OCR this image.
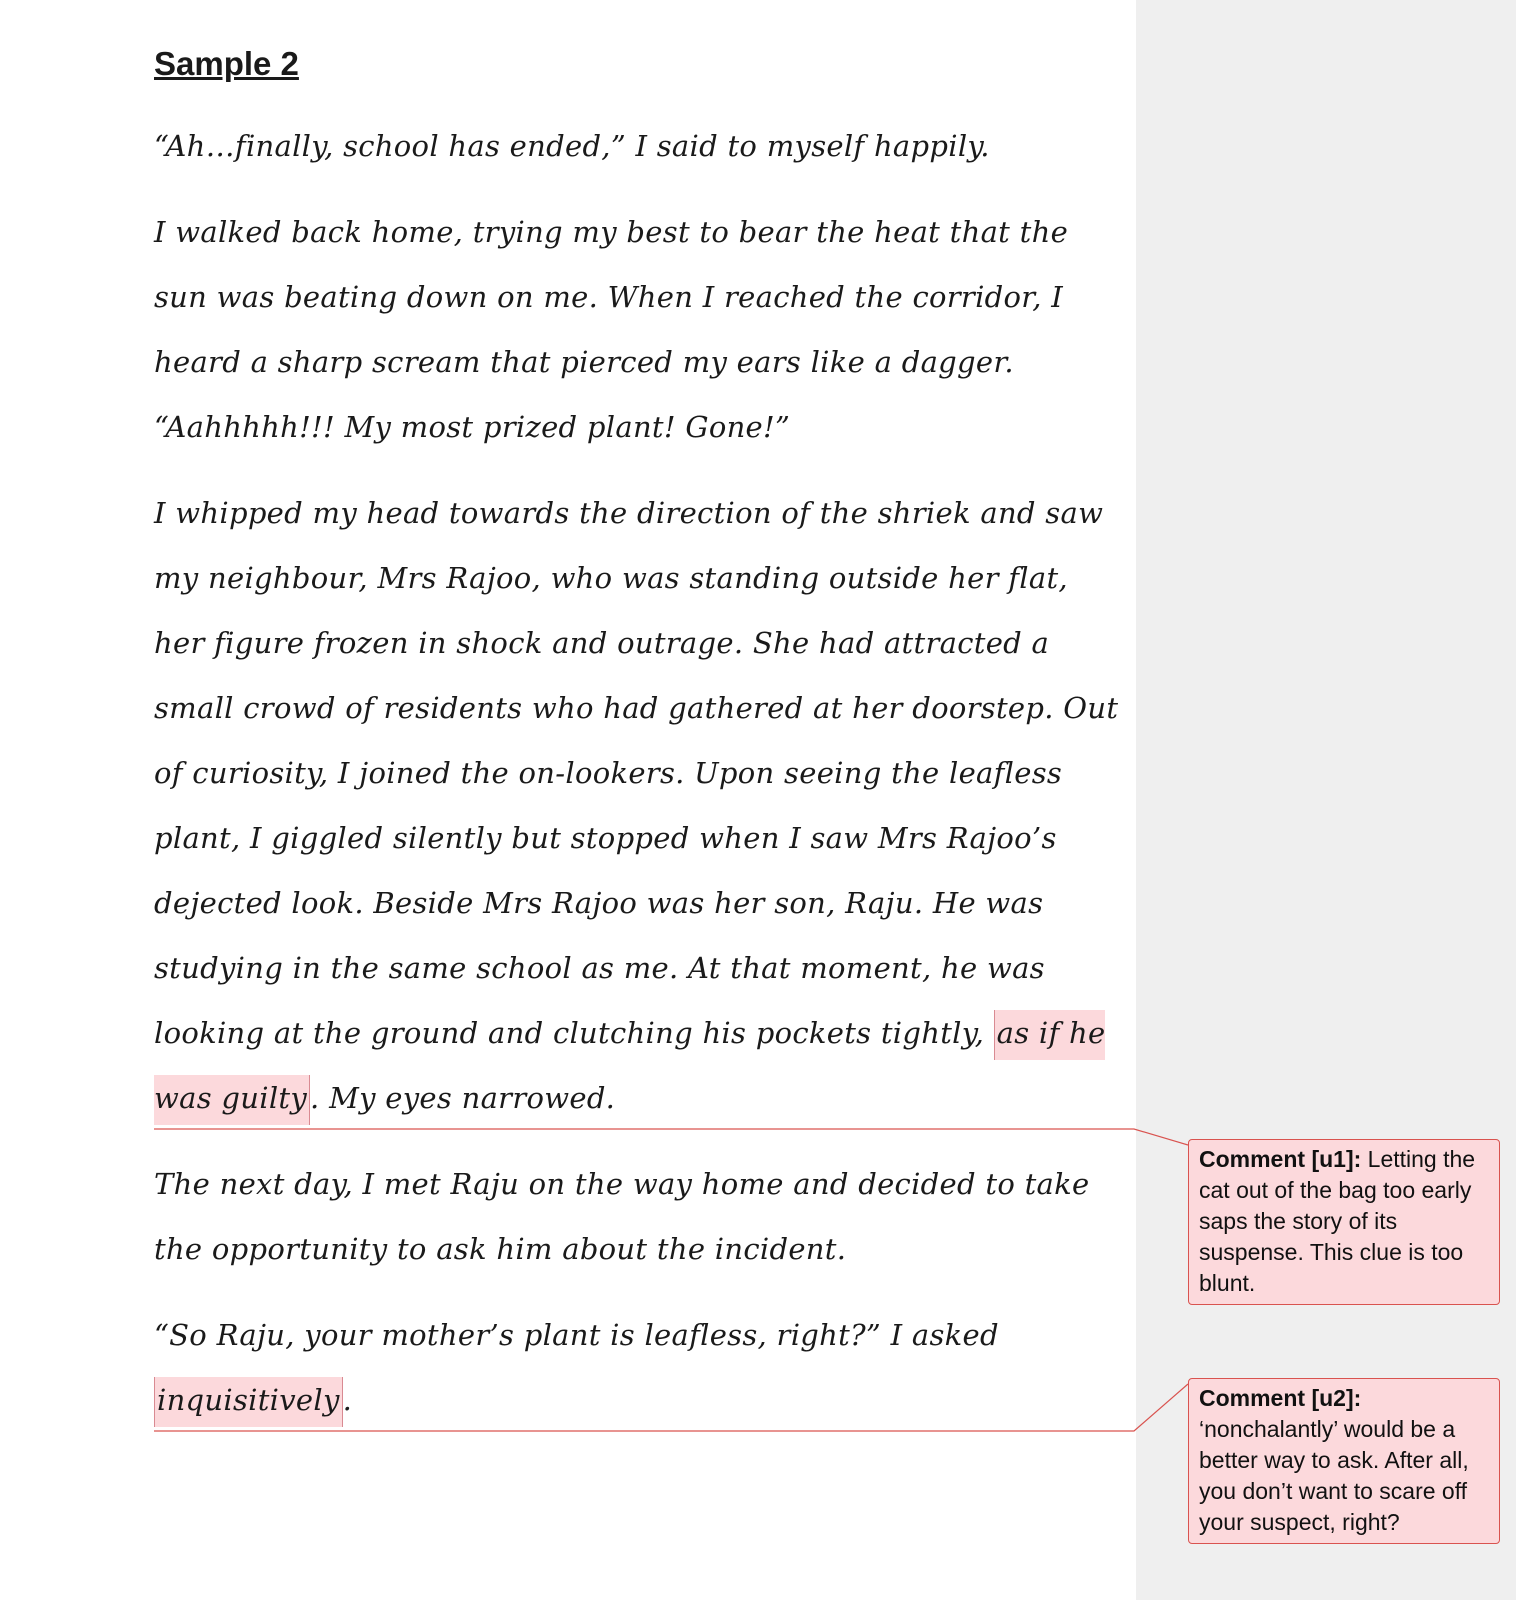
Sample 2

“Ah…finally, school has ended,” I said to myself happily.

I walked back home, trying my best to bear the heat that the sun was beating down on me. When I reached the corridor, I heard a sharp scream that pierced my ears like a dagger. “Aahhhhh!!! My most prized plant! Gone!”

I whipped my head towards the direction of the shriek and saw my neighbour, Mrs Rajoo, who was standing outside her flat, her figure frozen in shock and outrage. She had attracted a small crowd of residents who had gathered at her doorstep. Out of curiosity, I joined the on-lookers. Upon seeing the leafless plant, I giggled silently but stopped when I saw Mrs Rajoo’s dejected look. Beside Mrs Rajoo was her son, Raju. He was studying in the same school as me. At that moment, he was looking at the ground and clutching his pockets tightly, as if he was guilty . My eyes narrowed.

The next day, I met Raju on the way home and decided to take the opportunity to ask him about the incident.

“So Raju, your mother’s plant is leafless, right?” I asked inquisitively .

Comment [u1]: Letting the cat out of the bag too early saps the story of its suspense. This clue is too blunt.
Comment [u2]: ‘nonchalantly’ would be a better way to ask. After all, you don’t want to scare off your suspect, right?
